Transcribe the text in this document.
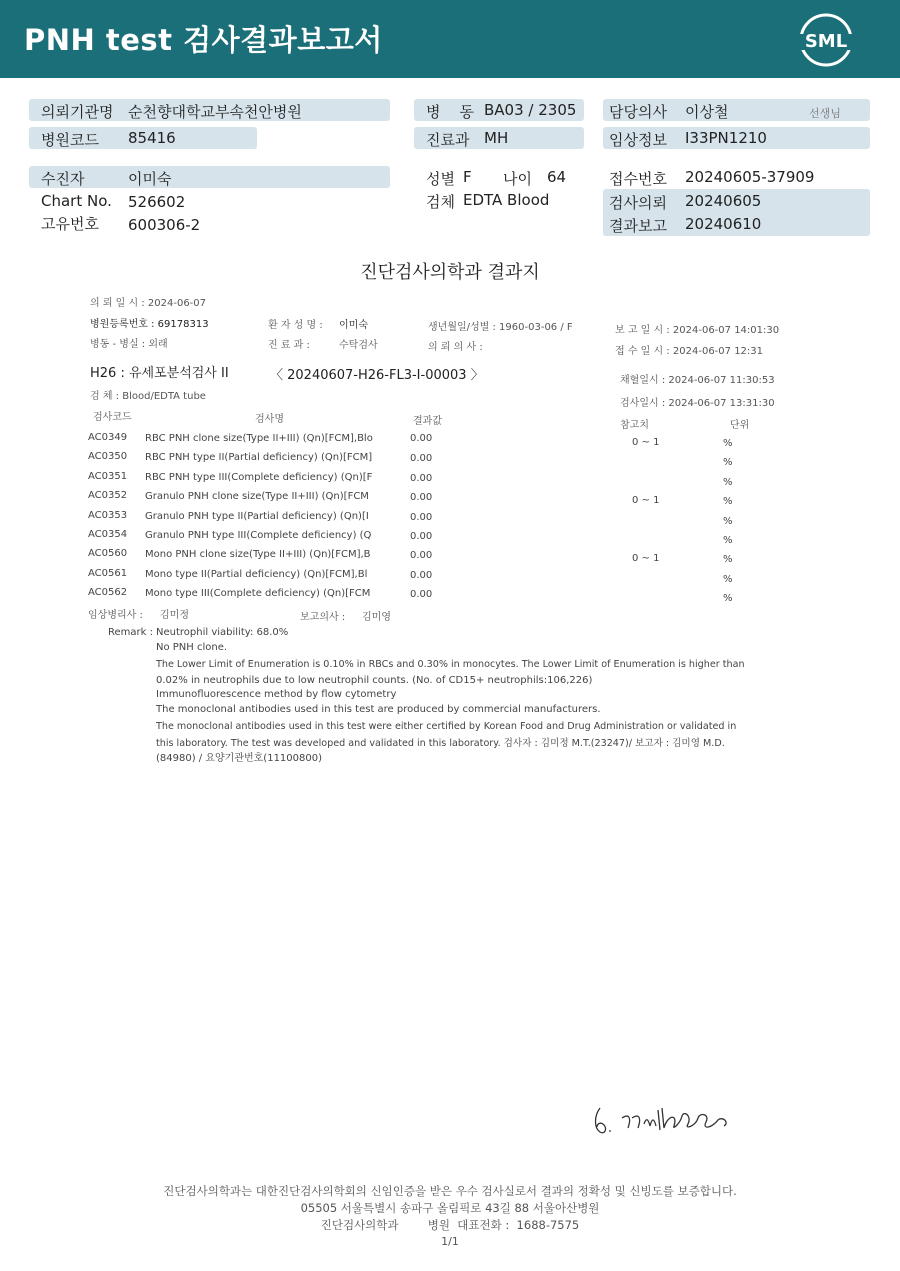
PNH test 검사결과보고서	SML
의뢰기관명 순천향대학교부속천안병원
병원코드 85416
병    동 BA03 / 2305
진료과 MH
담당의사 이상철	선생님
임상정보 I33PN1210
수진자	이미숙
Chart No. 526602
고유번호 600306-2
성별 F 나이 64
검체 EDTA Blood
접수번호 20240605-37909
검사의뢰 20240605
결과보고 20240610
진단검사의학과 결과지
의 뢰 일 시 : 2024-06-07
병원등록번호 : 69178313
병동 - 병실 : 외래
환 자 성 명 : 이미숙
진 료 과 :	수탁검사
생년월일/성별 : 1960-03-06 / F
의 뢰 의 사 :
보 고 일 시 : 2024-06-07 14:01:30
접 수 일 시 : 2024-06-07 12:31
채혈일시 : 2024-06-07 11:30:53
검사일시 : 2024-06-07 13:31:30
H26 : 유세포분석검사 II	〈 20240607-H26-FL3-I-00003 〉
검 체 : Blood/EDTA tube
검사코드	검사명	결과값	참고치	단위
AC0349 RBC PNH clone size(Type II+III) (Qn)[FCM],Blo	0.00	0 ~ 1	%
AC0350 RBC PNH type II(Partial deficiency) (Qn)[FCM]	0.00	%
AC0351 RBC PNH type III(Complete deficiency) (Qn)[F	0.00	%
AC0352 Granulo PNH clone size(Type II+III) (Qn)[FCM	0.00	0 ~ 1	%
AC0353 Granulo PNH type II(Partial deficiency) (Qn)[I	0.00	%
AC0354 Granulo PNH type III(Complete deficiency) (Q	0.00	%
AC0560 Mono PNH clone size(Type II+III) (Qn)[FCM],B	0.00	0 ~ 1	%
AC0561 Mono type II(Partial deficiency) (Qn)[FCM],Bl	0.00	%
AC0562 Mono type III(Complete deficiency) (Qn)[FCM	0.00	%
임상병리사 : 김미정	보고의사 : 김미영
Remark : Neutrophil viability: 68.0%
No PNH clone.
The Lower Limit of Enumeration is 0.10% in RBCs and 0.30% in monocytes. The Lower Limit of Enumeration is higher than
0.02% in neutrophils due to low neutrophil counts. (No. of CD15+ neutrophils:106,226)
Immunofluorescence method by flow cytometry
The monoclonal antibodies used in this test are produced by commercial manufacturers.
The monoclonal antibodies used in this test were either certified by Korean Food and Drug Administration or validated in
this laboratory. The test was developed and validated in this laboratory. 검사자 : 김미정 M.T.(23247)/ 보고자 : 김미영 M.D.
(84980) / 요양기관번호(11100800)
진단검사의학과는 대한진단검사의학회의 신임인증을 받은 우수 검사실로서 결과의 정확성 및 신빙도를 보증합니다.
05505 서울특별시 송파구 올림픽로 43길 88 서울아산병원
진단검사의학과        병원  대표전화 :  1688-7575
1/1
